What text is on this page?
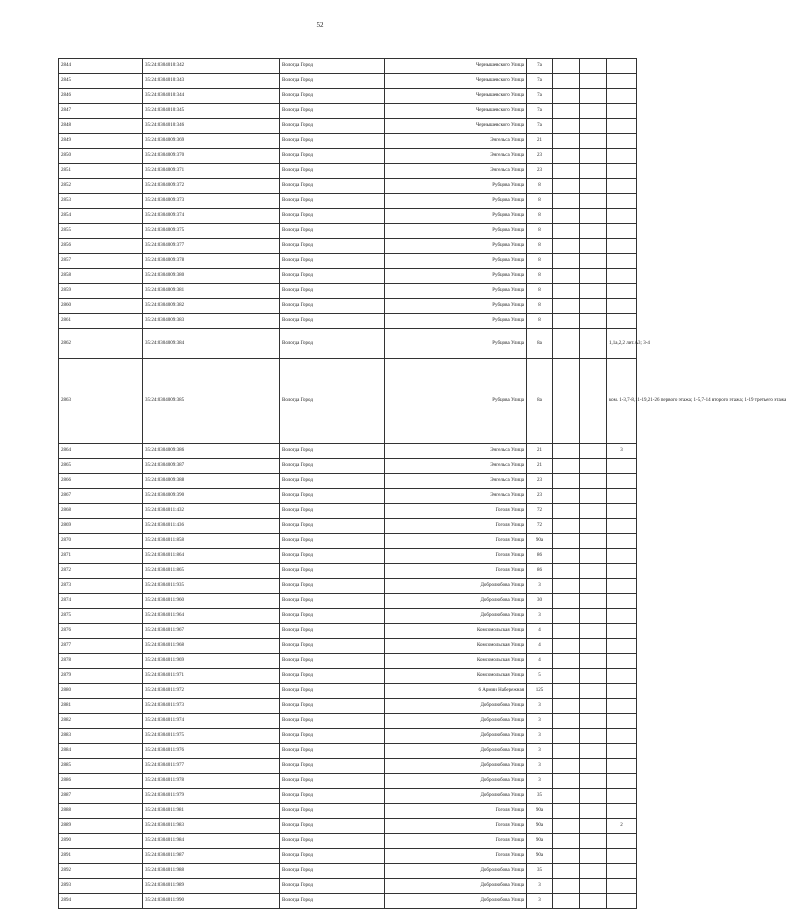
52
2844	35:24:0304010:342	Вологда Город	Чернышевского Улица	7а			
2845	35:24:0304010:343	Вологда Город	Чернышевского Улица	7а			
2846	35:24:0304010:344	Вологда Город	Чернышевского Улица	7а			
2847	35:24:0304010:345	Вологда Город	Чернышевского Улица	7а			
2848	35:24:0304010:346	Вологда Город	Чернышевского Улица	7а			
2849	35:24:0304009:369	Вологда Город	Энгельса Улица	21			
2850	35:24:0304009:370	Вологда Город	Энгельса Улица	23			
2851	35:24:0304009:371	Вологда Город	Энгельса Улица	23			
2852	35:24:0304009:372	Вологда Город	Рубцова Улица	8			
2853	35:24:0304009:373	Вологда Город	Рубцова Улица	8			
2854	35:24:0304009:374	Вологда Город	Рубцова Улица	8			
2855	35:24:0304009:375	Вологда Город	Рубцова Улица	8			
2856	35:24:0304009:377	Вологда Город	Рубцова Улица	8			
2857	35:24:0304009:378	Вологда Город	Рубцова Улица	8			
2858	35:24:0304009:380	Вологда Город	Рубцова Улица	8			
2859	35:24:0304009:381	Вологда Город	Рубцова Улица	8			
2860	35:24:0304009:382	Вологда Город	Рубцова Улица	8			
2861	35:24:0304009:383	Вологда Город	Рубцова Улица	8			
2862	35:24:0304009:384	Вологда Город	Рубцова Улица	8а			1,1а,2,2 лит.А3; 3-4
2863	35:24:0304009:385	Вологда Город	Рубцова Улица	8а			ком. 1-3,7-8,11-19,21-26 первого этажа; 1-5,7-14 второго этажа; 1-19 третьего этажа
2864	35:24:0304009:386	Вологда Город	Энгельса Улица	21			3
2865	35:24:0304009:387	Вологда Город	Энгельса Улица	21			
2866	35:24:0304009:388	Вологда Город	Энгельса Улица	23			
2867	35:24:0304009:390	Вологда Город	Энгельса Улица	23			
2868	35:24:0304011:432	Вологда Город	Гоголя Улица	72			
2869	35:24:0304011:436	Вологда Город	Гоголя Улица	72			
2870	35:24:0304011:858	Вологда Город	Гоголя Улица	90а			
2871	35:24:0304011:864	Вологда Город	Гоголя Улица	86			
2872	35:24:0304011:865	Вологда Город	Гоголя Улица	86			
2873	35:24:0304011:935	Вологда Город	Добролюбова Улица	3			
2874	35:24:0304011:960	Вологда Город	Добролюбова Улица	30			
2875	35:24:0304011:964	Вологда Город	Добролюбова Улица	3			
2876	35:24:0304011:967	Вологда Город	Комсомольская Улица	4			
2877	35:24:0304011:968	Вологда Город	Комсомольская Улица	4			
2878	35:24:0304011:969	Вологда Город	Комсомольская Улица	4			
2879	35:24:0304011:971	Вологда Город	Комсомольская Улица	5			
2880	35:24:0304011:972	Вологда Город	6 Армии Набережная	125			
2881	35:24:0304011:973	Вологда Город	Добролюбова Улица	3			
2882	35:24:0304011:974	Вологда Город	Добролюбова Улица	3			
2883	35:24:0304011:975	Вологда Город	Добролюбова Улица	3			
2884	35:24:0304011:976	Вологда Город	Добролюбова Улица	3			
2885	35:24:0304011:977	Вологда Город	Добролюбова Улица	3			
2886	35:24:0304011:978	Вологда Город	Добролюбова Улица	3			
2887	35:24:0304011:979	Вологда Город	Добролюбова Улица	35			
2888	35:24:0304011:981	Вологда Город	Гоголя Улица	90а			
2889	35:24:0304011:983	Вологда Город	Гоголя Улица	90а			2
2890	35:24:0304011:984	Вологда Город	Гоголя Улица	90а			
2891	35:24:0304011:987	Вологда Город	Гоголя Улица	90а			
2892	35:24:0304011:988	Вологда Город	Добролюбова Улица	35			
2893	35:24:0304011:989	Вологда Город	Добролюбова Улица	3			
2894	35:24:0304011:990	Вологда Город	Добролюбова Улица	3			
